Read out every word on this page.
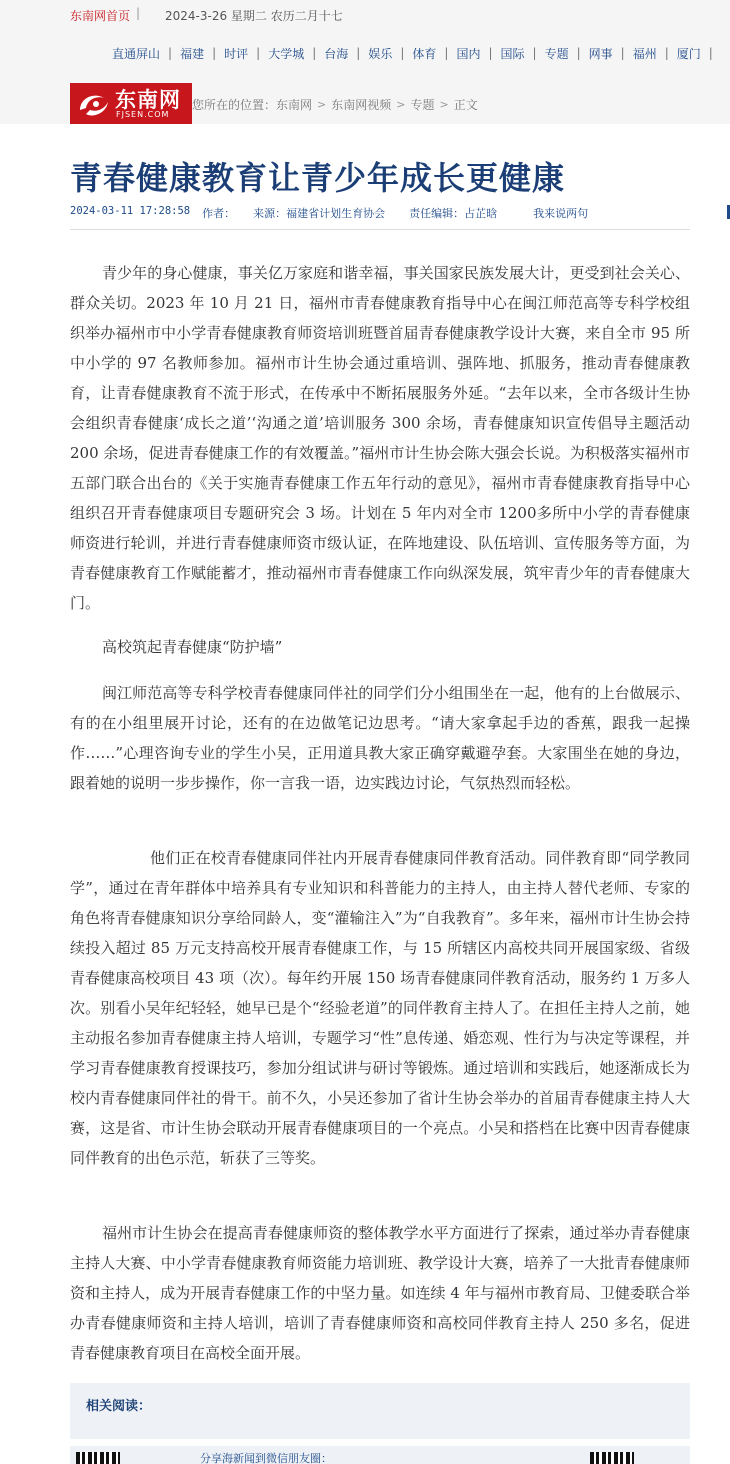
东南网首页 | 2024-3-26 星期二 农历二月十七
直通屏山 | 福建 | 时评 | 大学城 | 台海 | 娱乐 | 体育 | 国内 | 国际 | 专题 | 网事 | 福州 | 厦门 |
东南网
FJSEN.COM
您所在的位置： 东南网 > 东南网视频 > 专题 > 正文
青春健康教育让青少年成长更健康
2024-03-11 17:28:58 作者： 来源：福建省计划生育协会 责任编辑：占芷晗	我来说两句

青少年的身心健康，事关亿万家庭和谐幸福，事关国家民族发展大计，更受到社会关心、群众关切。2023 年 10 月 21 日，福州市青春健康教育指导中心在闽江师范高等专科学校组织举办福州市中小学青春健康教育师资培训班暨首届青春健康教学设计大赛，来自全市 95 所中小学的 97 名教师参加。福州市计生协会通过重培训、强阵地、抓服务，推动青春健康教育，让青春健康教育不流于形式，在传承中不断拓展服务外延。“去年以来，全市各级计生协会组织青春健康‘成长之道’‘沟通之道’培训服务 300 余场，青春健康知识宣传倡导主题活动 200 余场，促进青春健康工作的有效覆盖。”福州市计生协会陈大强会长说。为积极落实福州市五部门联合出台的《关于实施青春健康工作五年行动的意见》，福州市青春健康教育指导中心组织召开青春健康项目专题研究会 3 场。计划在 5 年内对全市 1200多所中小学的青春健康师资进行轮训，并进行青春健康师资市级认证，在阵地建设、队伍培训、宣传服务等方面，为青春健康教育工作赋能蓄才，推动福州市青春健康工作向纵深发展，筑牢青少年的青春健康大门。

高校筑起青春健康“防护墙”

闽江师范高等专科学校青春健康同伴社的同学们分小组围坐在一起，他有的上台做展示、有的在小组里展开讨论，还有的在边做笔记边思考。“请大家拿起手边的香蕉，跟我一起操作……”心理咨询专业的学生小吴，正用道具教大家正确穿戴避孕套。大家围坐在她的身边，跟着她的说明一步步操作，你一言我一语，边实践边讨论，气氛热烈而轻松。

他们正在校青春健康同伴社内开展青春健康同伴教育活动。同伴教育即“同学教同学”，通过在青年群体中培养具有专业知识和科普能力的主持人，由主持人替代老师、专家的角色将青春健康知识分享给同龄人，变“灌输注入”为“自我教育”。多年来，福州市计生协会持续投入超过 85 万元支持高校开展青春健康工作，与 15 所辖区内高校共同开展国家级、省级青春健康高校项目 43 项（次）。每年约开展 150 场青春健康同伴教育活动，服务约 1 万多人次。别看小吴年纪轻轻，她早已是个“经验老道”的同伴教育主持人了。在担任主持人之前，她主动报名参加青春健康主持人培训，专题学习“性”息传递、婚恋观、性行为与决定等课程，并学习青春健康教育授课技巧，参加分组试讲与研讨等锻炼。通过培训和实践后，她逐渐成长为校内青春健康同伴社的骨干。前不久，小吴还参加了省计生协会举办的首届青春健康主持人大赛，这是省、市计生协会联动开展青春健康项目的一个亮点。小吴和搭档在比赛中因青春健康同伴教育的出色示范，斩获了三等奖。

福州市计生协会在提高青春健康师资的整体教学水平方面进行了探索，通过举办青春健康主持人大赛、中小学青春健康教育师资能力培训班、教学设计大赛，培养了一大批青春健康师资和主持人，成为开展青春健康工作的中坚力量。如连续 4 年与福州市教育局、卫健委联合举办青春健康师资和主持人培训，培训了青春健康师资和高校同伴教育主持人 250 多名，促进青春健康教育项目在高校全面开展。

相关阅读：
分享海新闻到微信朋友圈：
